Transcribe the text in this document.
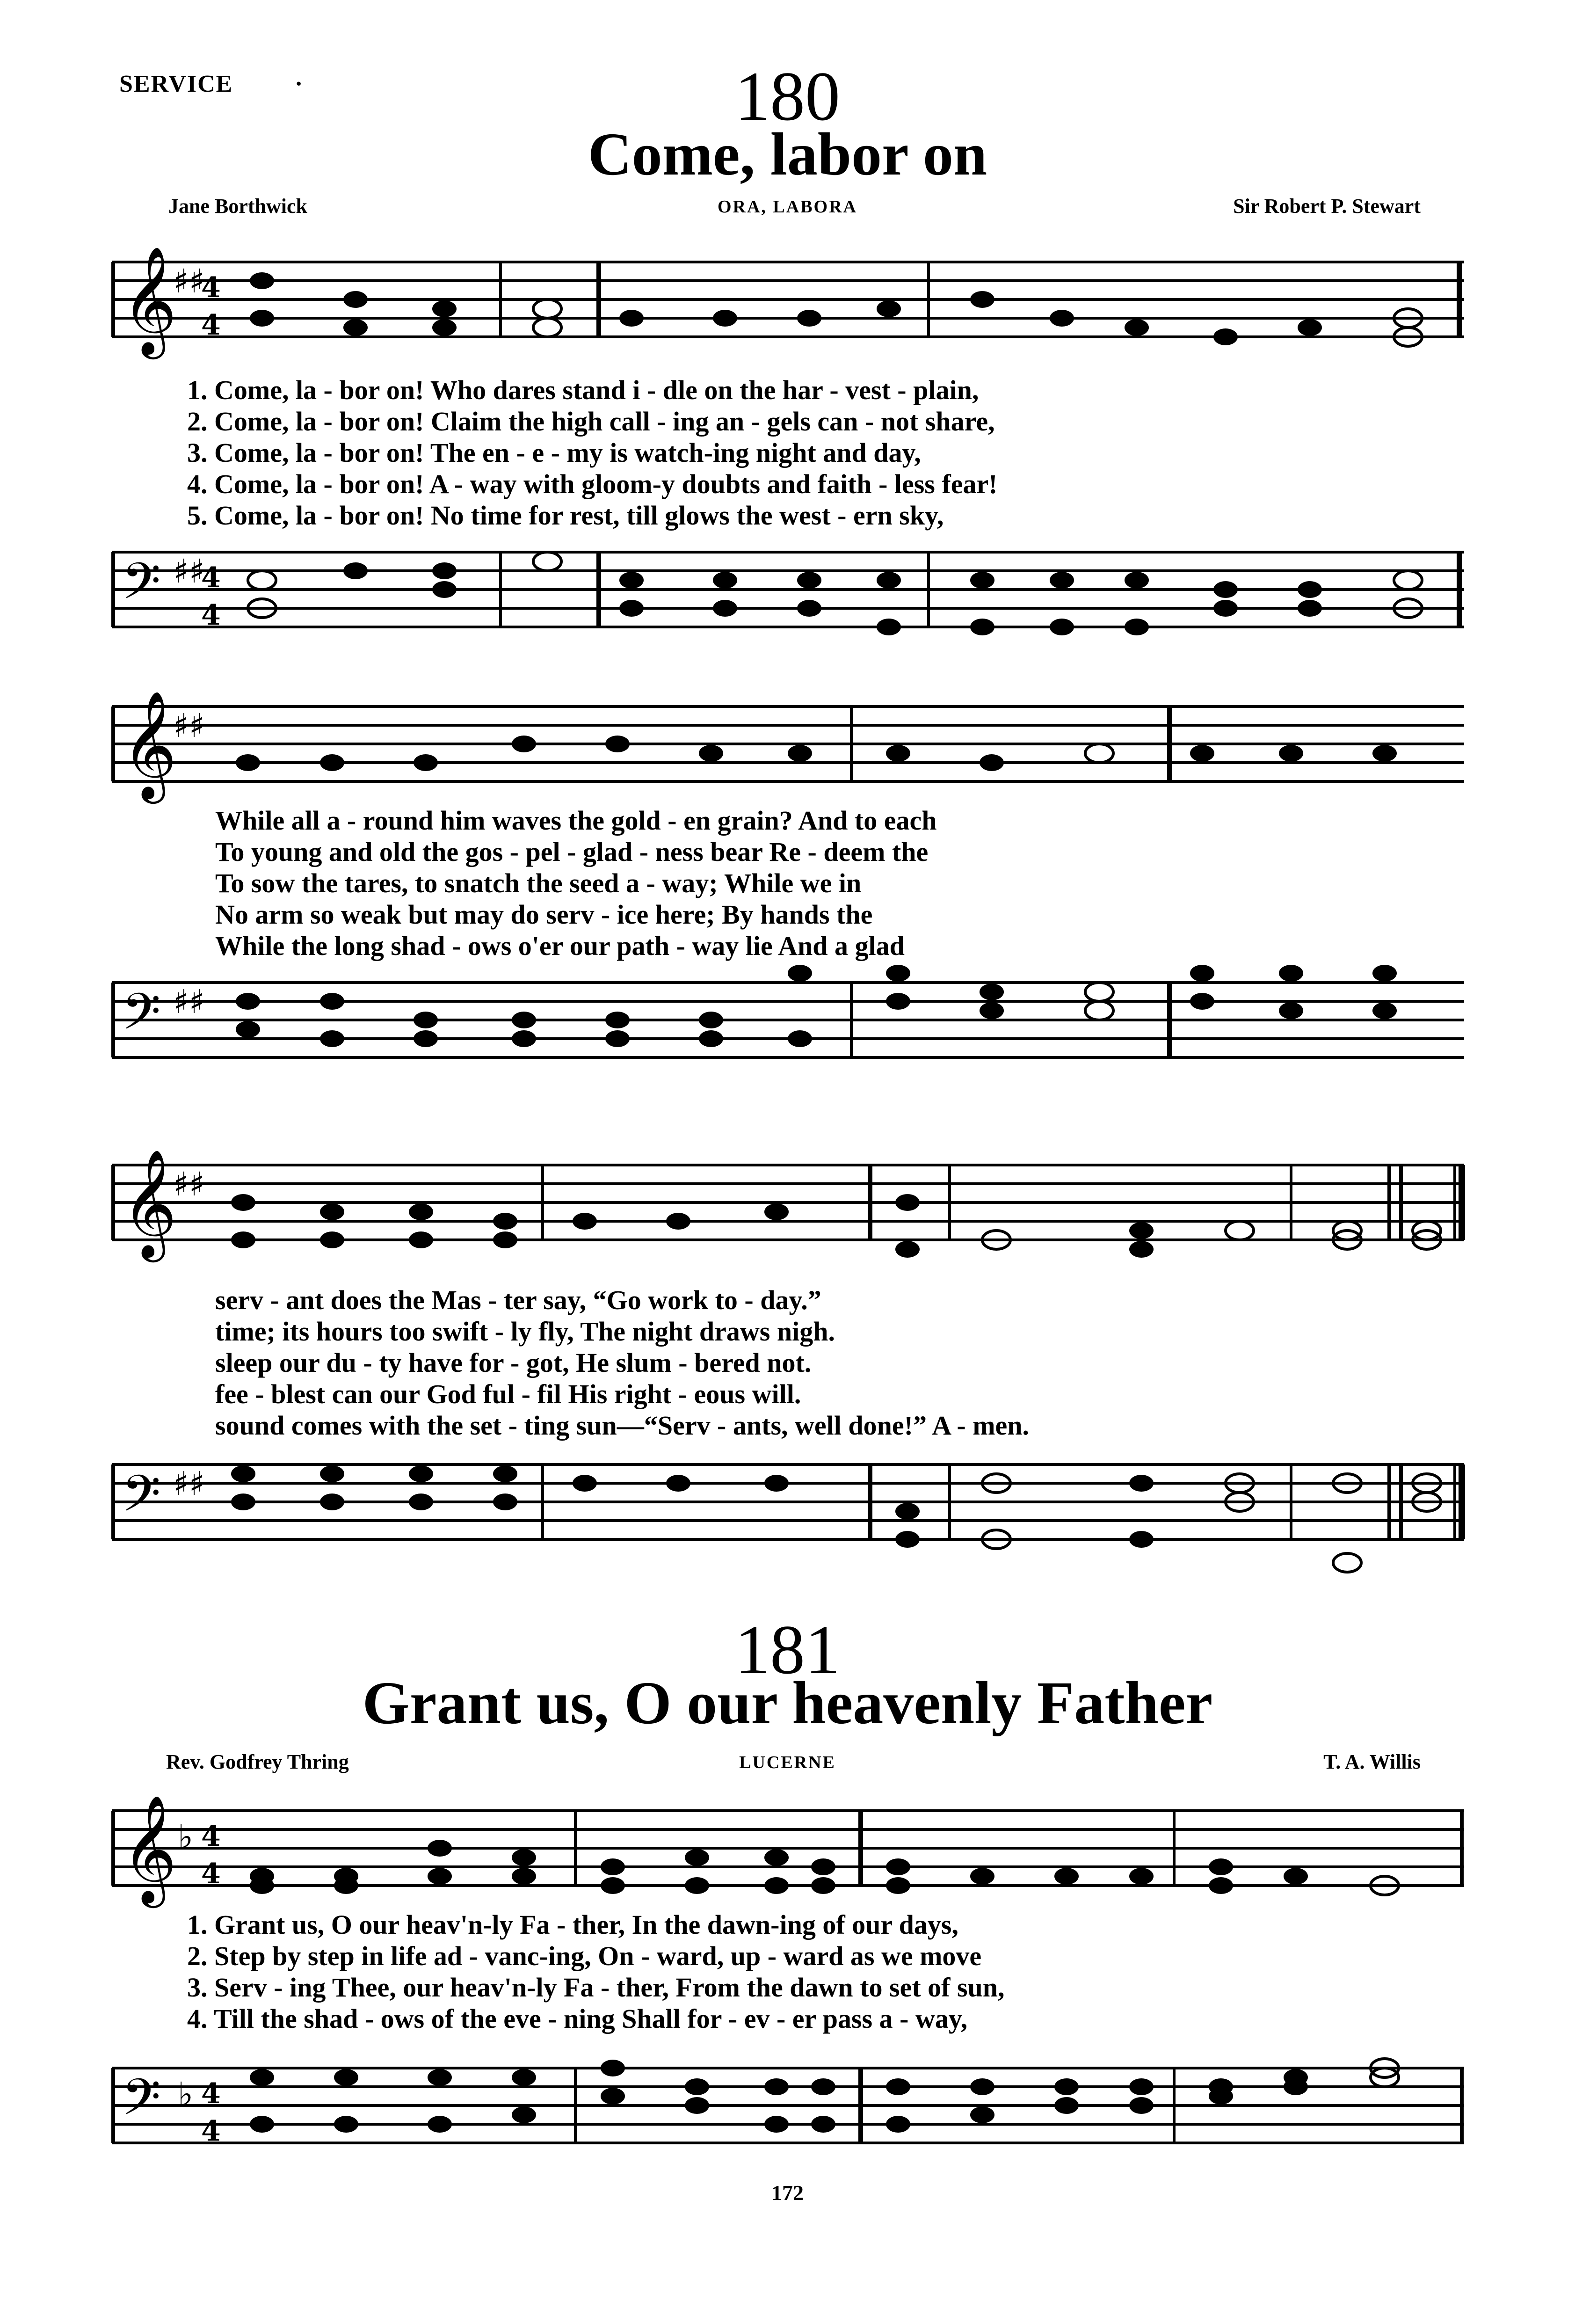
SERVICE	·	180
Come, labor on
Jane Borthwick	ORA, LABORA	Sir Robert P. Stewart
𝄞
♯♯
4
4
1. Come, la - bor on! Who dares stand i - dle on the har - vest - plain,
2. Come, la - bor on! Claim the high call - ing an - gels can - not share,
3. Come, la - bor on! The en - e - my is watch-ing night and day,
4. Come, la - bor on! A - way with gloom-y doubts and faith - less fear!
5. Come, la - bor on! No time for rest, till glows the west - ern sky,
𝄢 ♯♯
4
4
𝄞
♯♯
While all a - round him waves the gold - en grain? And to each
To young and old the gos - pel - glad - ness bear Re - deem the
To sow the tares, to snatch the seed a - way; While we in
No arm so weak but may do serv - ice here; By hands the
While the long shad - ows o'er our path - way lie And a glad
𝄢 ♯♯
𝄞
♯♯
serv - ant does the Mas - ter say, “Go work to - day.”
time; its hours too swift - ly fly, The night draws nigh.
sleep our du - ty have for - got, He slum - bered not.
fee - blest can our God ful - fil His right - eous will.
sound comes with the set - ting sun—“Serv - ants, well done!” A - men.
𝄢 ♯♯
181
Grant us, O our heavenly Father
Rev. Godfrey Thring	LUCERNE	T. A. Willis
𝄞 ♭ 4
4
1. Grant us, O our heav'n-ly Fa - ther, In the dawn-ing of our days,
2. Step by step in life ad - vanc-ing, On - ward, up - ward as we move
3. Serv - ing Thee, our heav'n-ly Fa - ther, From the dawn to set of sun,
4. Till the shad - ows of the eve - ning Shall for - ev - er pass a - way,
𝄢 ♭ 4
4
172
